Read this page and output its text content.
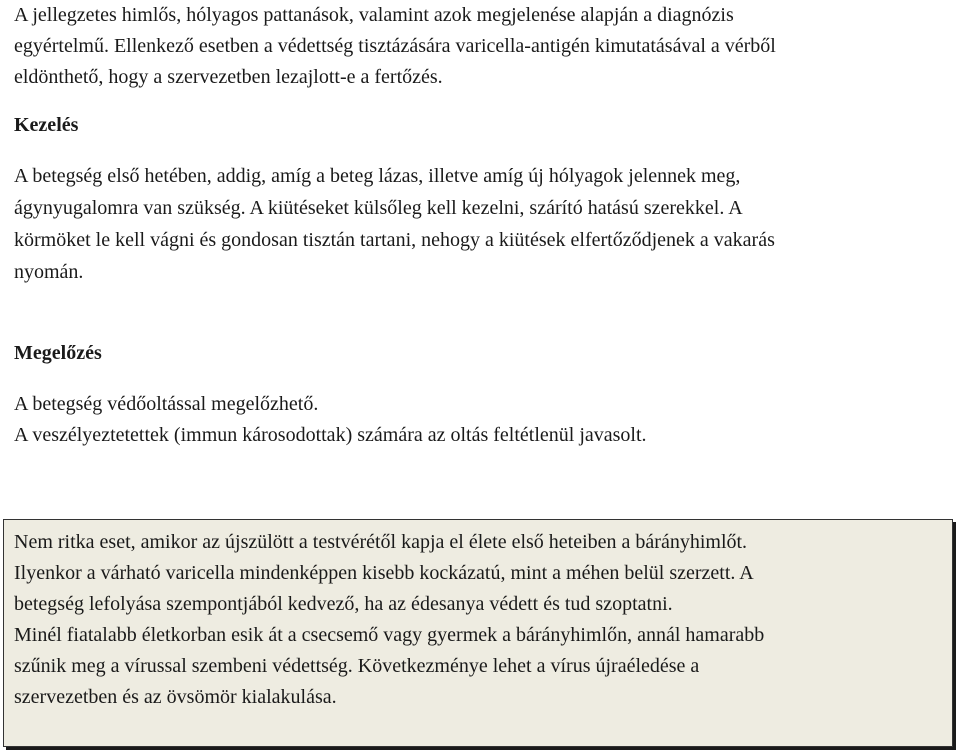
A jellegzetes himlős, hólyagos pattanások, valamint azok megjelenése alapján a diagnózis
egyértelmű. Ellenkező esetben a védettség tisztázására varicella-antigén kimutatásával a vérből
eldönthető, hogy a szervezetben lezajlott-e a fertőzés.

Kezelés

A betegség első hetében, addig, amíg a beteg lázas, illetve amíg új hólyagok jelennek meg,
ágynyugalomra van szükség. A kiütéseket külsőleg kell kezelni, szárító hatású szerekkel. A
körmöket le kell vágni és gondosan tisztán tartani, nehogy a kiütések elfertőződjenek a vakarás
nyomán.

Megelőzés

A betegség védőoltással megelőzhető.
A veszélyeztetettek (immun károsodottak) számára az oltás feltétlenül javasolt.

Nem ritka eset, amikor az újszülött a testvérétől kapja el élete első heteiben a bárányhimlőt.
Ilyenkor a várható varicella mindenképpen kisebb kockázatú, mint a méhen belül szerzett. A
betegség lefolyása szempontjából kedvező, ha az édesanya védett és tud szoptatni.
Minél fiatalabb életkorban esik át a csecsemő vagy gyermek a bárányhimlőn, annál hamarabb
szűnik meg a vírussal szembeni védettség. Következménye lehet a vírus újraéledése a
szervezetben és az övsömör kialakulása.
